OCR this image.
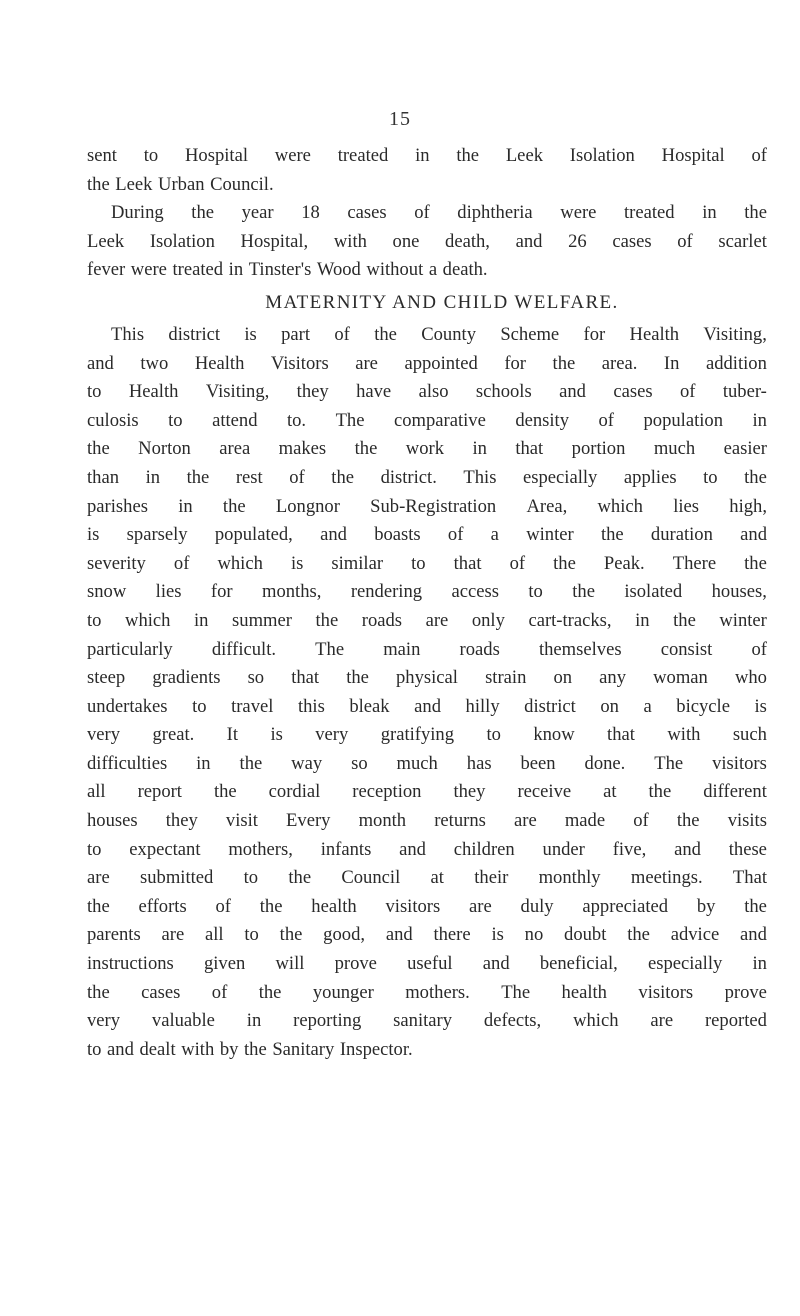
15
sent to Hospital were treated in the Leek Isolation Hospital of
the Leek Urban Council.
During the year 18 cases of diphtheria were treated in the
Leek Isolation Hospital, with one death, and 26 cases of scarlet
fever were treated in Tinster's Wood without a death.
MATERNITY AND CHILD WELFARE.
This district is part of the County Scheme for Health Visiting,
and two Health Visitors are appointed for the area. In addition
to Health Visiting, they have also schools and cases of tuber-
culosis to attend to. The comparative density of population in
the Norton area makes the work in that portion much easier
than in the rest of the district. This especially applies to the
parishes in the Longnor Sub-Registration Area, which lies high,
is sparsely populated, and boasts of a winter the duration and
severity of which is similar to that of the Peak. There the
snow lies for months, rendering access to the isolated houses,
to which in summer the roads are only cart-tracks, in the winter
particularly difficult. The main roads themselves consist of
steep gradients so that the physical strain on any woman who
undertakes to travel this bleak and hilly district on a bicycle is
very great. It is very gratifying to know that with such
difficulties in the way so much has been done. The visitors
all report the cordial reception they receive at the different
houses they visit Every month returns are made of the visits
to expectant mothers, infants and children under five, and these
are submitted to the Council at their monthly meetings. That
the efforts of the health visitors are duly appreciated by the
parents are all to the good, and there is no doubt the advice and
instructions given will prove useful and beneficial, especially in
the cases of the younger mothers. The health visitors prove
very valuable in reporting sanitary defects, which are reported
to and dealt with by the Sanitary Inspector.
